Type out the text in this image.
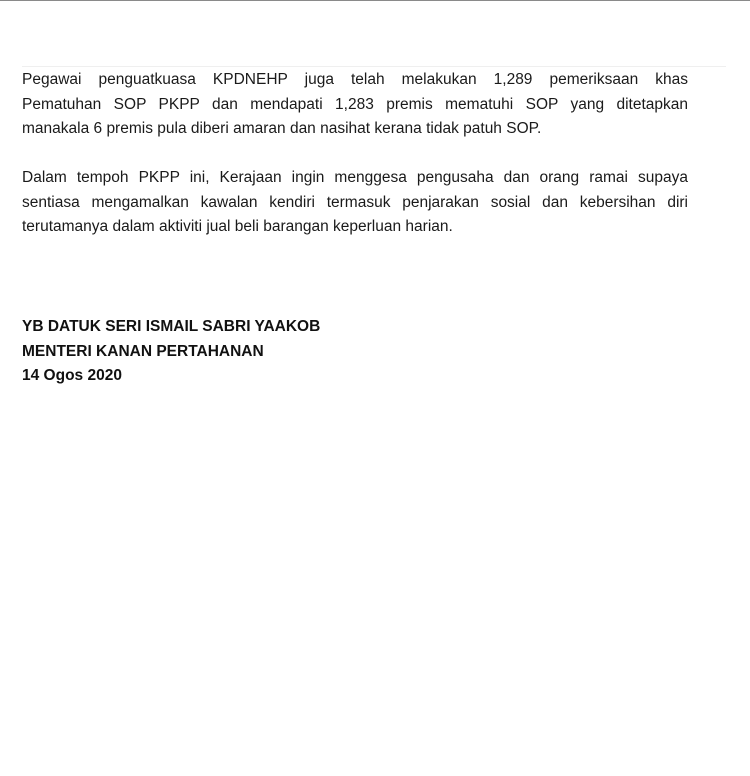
Pegawai penguatkuasa KPDNEHP juga telah melakukan 1,289 pemeriksaan khas
Pematuhan SOP PKPP dan mendapati 1,283 premis mematuhi SOP yang ditetapkan
manakala 6 premis pula diberi amaran dan nasihat kerana tidak patuh SOP.

Dalam tempoh PKPP ini, Kerajaan ingin menggesa pengusaha dan orang ramai supaya
sentiasa mengamalkan kawalan kendiri termasuk penjarakan sosial dan kebersihan diri
terutamanya dalam aktiviti jual beli barangan keperluan harian.

YB DATUK SERI ISMAIL SABRI YAAKOB
MENTERI KANAN PERTAHANAN
14 Ogos 2020
